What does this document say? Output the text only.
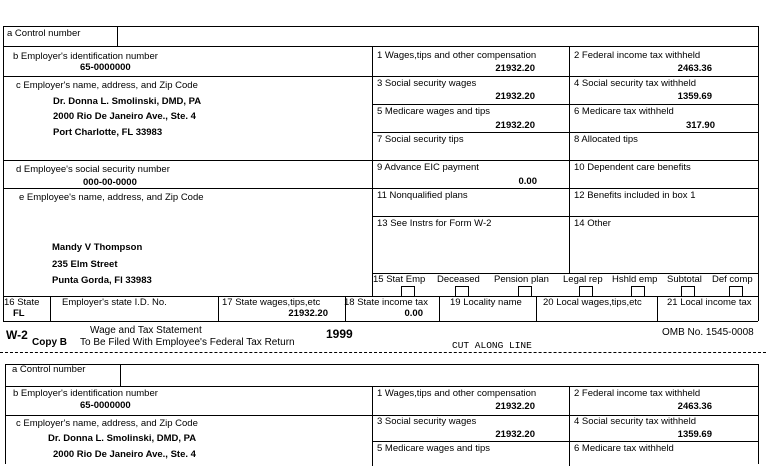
a Control number
b Employer's identification number
65-0000000
c Employer's name, address, and Zip Code
Dr. Donna L. Smolinski, DMD, PA
2000 Rio De Janeiro Ave., Ste. 4
Port Charlotte, FL 33983
d Employee's social security number
000-00-0000
e Employee's name, address, and Zip Code
Mandy V Thompson
235 Elm Street
Punta Gorda, Fl 33983
1 Wages,tips and other compensation
21932.20
2 Federal income tax withheld
2463.36
3 Social security wages
21932.20
4 Social security tax withheld
1359.69
5 Medicare wages and tips
21932.20
6 Medicare tax withheld
317.90
7 Social security tips	8 Allocated tips
9 Advance EIC payment
0.00
10 Dependent care benefits
11 Nonqualified plans	12 Benefits included in box 1
13 See Instrs for Form W-2	14 Other
15 Stat Emp Deceased Pension plan Legal rep Hshld emp Subtotal Def comp
16 State
FL
Employer's state I.D. No.	17 State wages,tips,etc
21932.20
18 State income tax
0.00
19 Locality name 20 Local wages,tips,etc	21 Local income tax
W-2
Copy B
Wage and Tax Statement
To Be Filed With Employee's Federal Tax Return
1999	OMB No. 1545-0008
CUT ALONG LINE
a Control number
b Employer's identification number
65-0000000
c Employer's name, address, and Zip Code
Dr. Donna L. Smolinski, DMD, PA
2000 Rio De Janeiro Ave., Ste. 4
1 Wages,tips and other compensation
21932.20
2 Federal income tax withheld
2463.36
3 Social security wages
21932.20
4 Social security tax withheld
1359.69
5 Medicare wages and tips	6 Medicare tax withheld
